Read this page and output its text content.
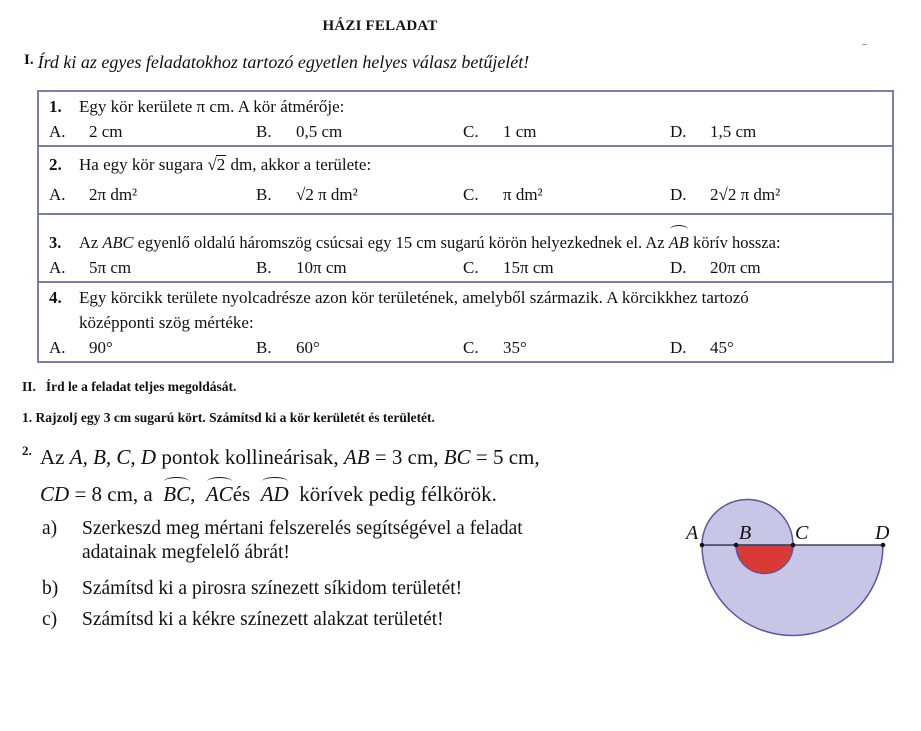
HÁZI FELADAT
$^{I.}$ Írd ki az egyes feladatokhoz tartozó egyetlen helyes válasz betűjelét!
1. Egy kör kerülete π cm. A kör átmérője:
A. 2 cm	B. 0,5 cm	C. 1 cm	D. 1,5 cm

2. Ha egy kör sugara √2 dm, akkor a területe:
A. 2π dm²	B. √2 π dm²	C. π dm²	D. 2√2 π dm²

3. Az ABC egyenlő oldalú háromszög csúcsai egy 15 cm sugarú körön helyezkednek el. Az AB körív hossza:
A. 5π cm	B. 10π cm	C. 15π cm	D. 20π cm

4. Egy körcikk területe nyolcadrésze azon kör területének, amelyből származik. A körcikkhez tartozó
középponti szög mértéke:
A. 90°	B. 60°	C. 35°	D. 45°
II. Írd le a feladat teljes megoldását.
1. Rajzolj egy 3 cm sugarú kört. Számítsd ki a kör kerületét és területét.
2. Az A, B, C, D pontok kollineárisak, AB = 3 cm, BC = 5 cm,
CD = 8 cm, a BC, ACés AD körívek pedig félkörök.
a) Szerkeszd meg mértani felszerelés segítségével a feladat
adatainak megfelelő ábrát!
b) Számítsd ki a pirosra színezett síkidom területét!
c) Számítsd ki a kékre színezett alakzat területét!
A B C	D
